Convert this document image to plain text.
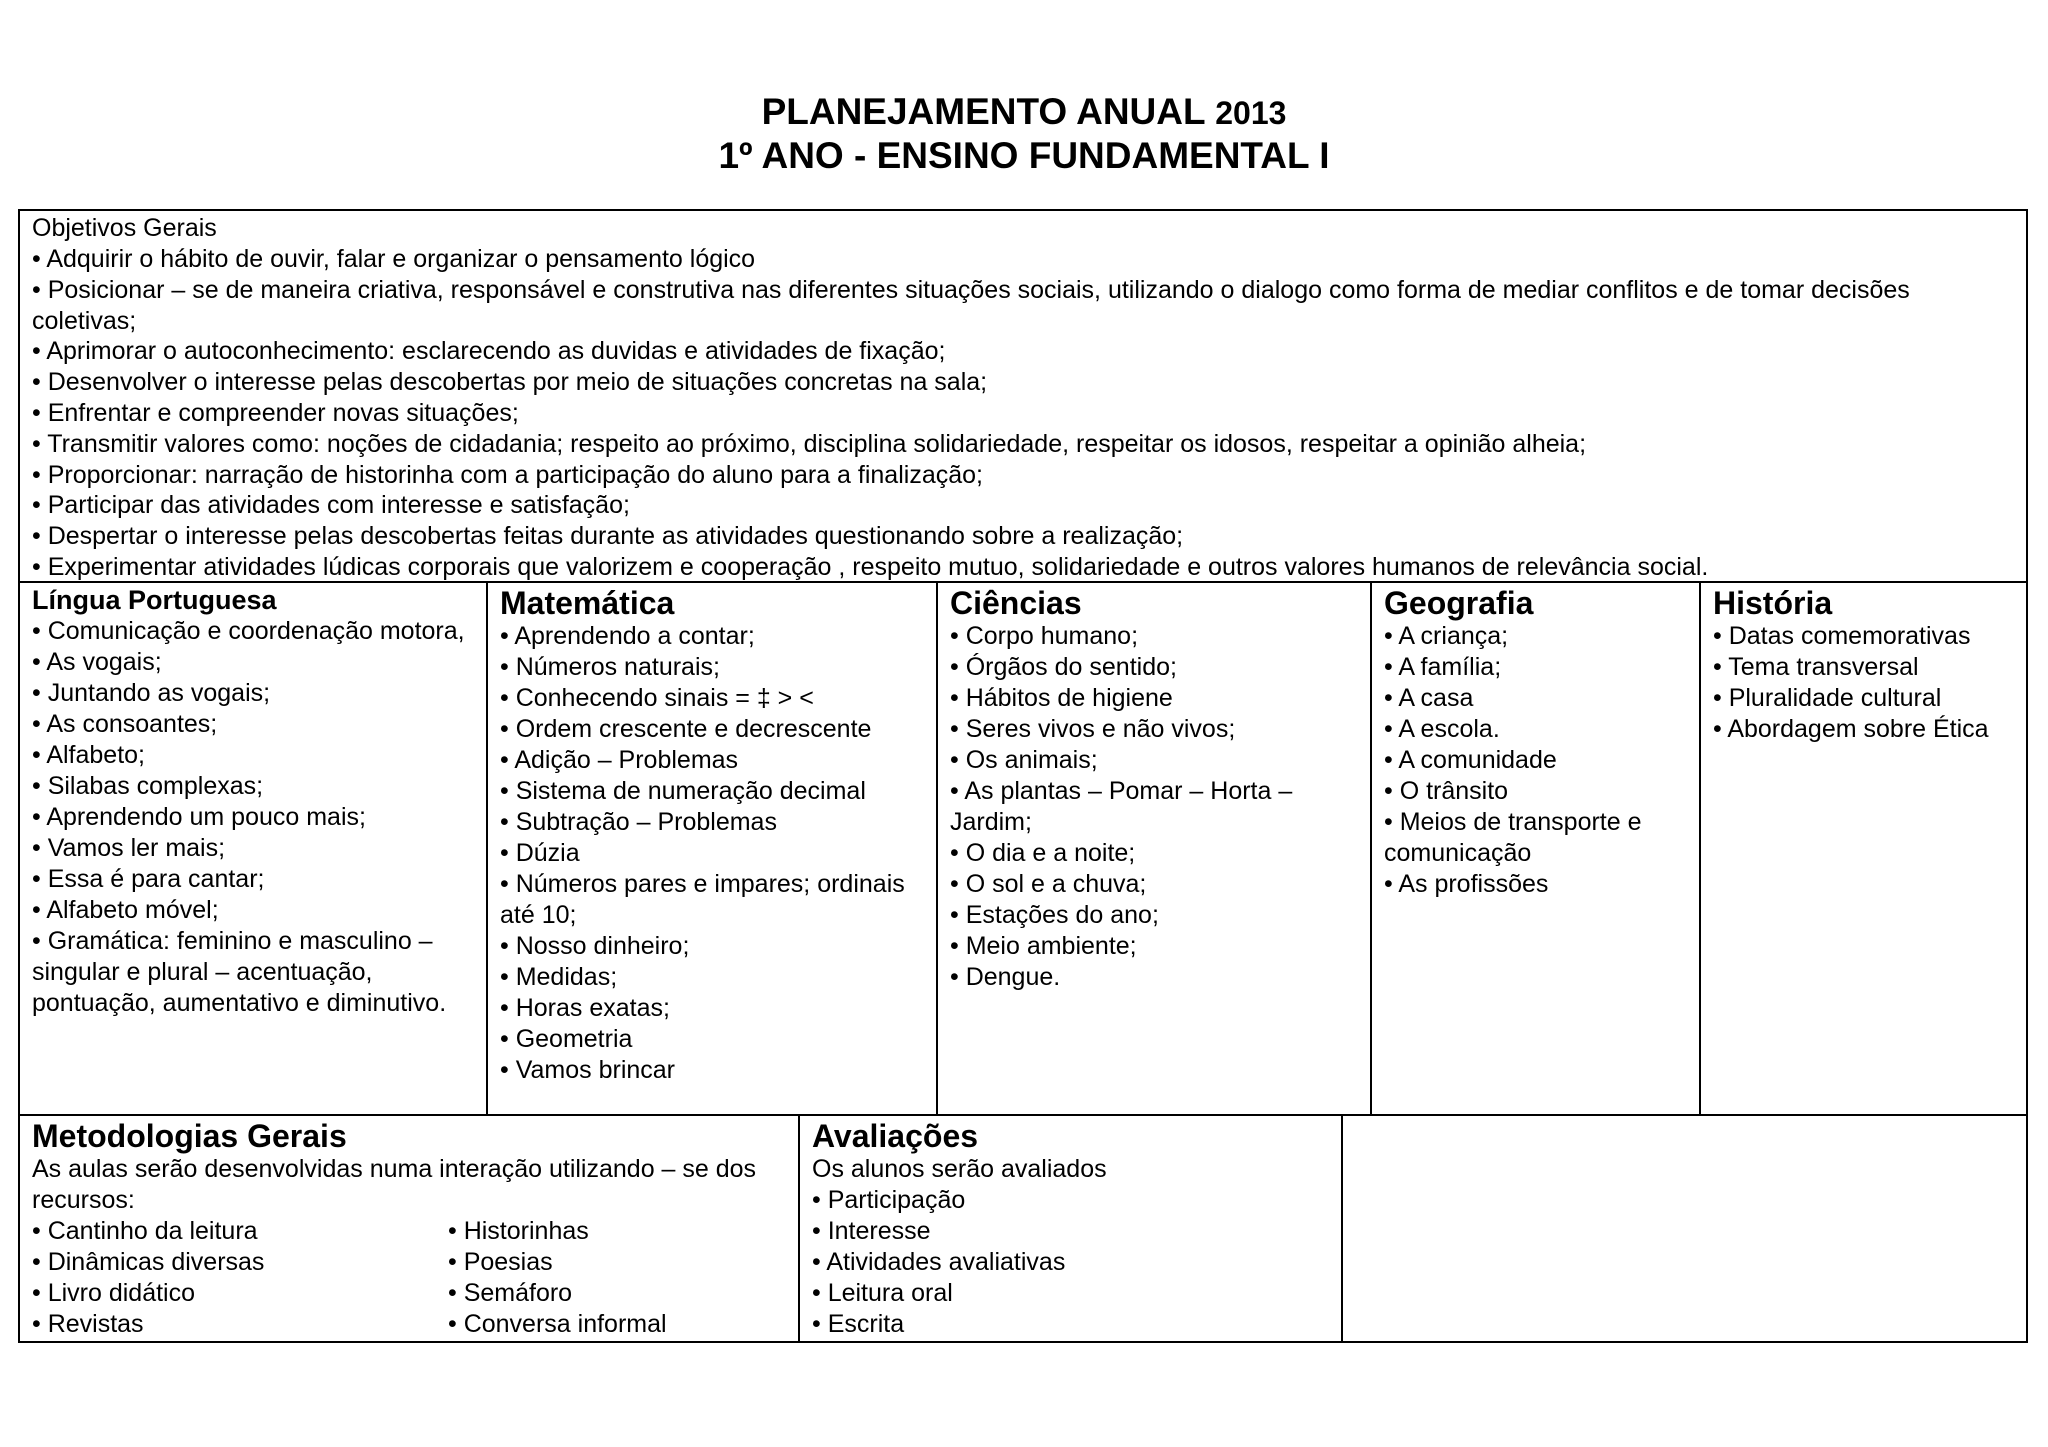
PLANEJAMENTO ANUAL 2013
1º ANO - ENSINO FUNDAMENTAL I
Objetivos Gerais
• Adquirir o hábito de ouvir, falar e organizar o pensamento lógico
• Posicionar – se de maneira criativa, responsável e construtiva nas diferentes situações sociais, utilizando o dialogo como forma de mediar conflitos e de tomar decisões coletivas;
• Aprimorar o autoconhecimento: esclarecendo as duvidas e atividades de fixação;
• Desenvolver o interesse pelas descobertas por meio de situações concretas na sala;
• Enfrentar e compreender novas situações;
• Transmitir valores como: noções de cidadania; respeito ao próximo, disciplina solidariedade, respeitar os idosos, respeitar a opinião alheia;
• Proporcionar: narração de historinha com a participação do aluno para a finalização;
• Participar das atividades com interesse e satisfação;
• Despertar o interesse pelas descobertas feitas durante as atividades questionando sobre a realização;
• Experimentar atividades lúdicas corporais que valorizem e cooperação , respeito mutuo, solidariedade e outros valores humanos de relevância social.
Língua Portuguesa
• Comunicação e coordenação motora,
• As vogais;
• Juntando as vogais;
• As consoantes;
• Alfabeto;
• Silabas complexas;
• Aprendendo um pouco mais;
• Vamos ler mais;
• Essa é para cantar;
• Alfabeto móvel;
• Gramática: feminino e masculino – singular e plural – acentuação, pontuação, aumentativo e diminutivo.
Matemática
• Aprendendo a contar;
• Números naturais;
• Conhecendo sinais = ‡ > <
• Ordem crescente e decrescente
• Adição – Problemas
• Sistema de numeração decimal
• Subtração – Problemas
• Dúzia
• Números pares e impares; ordinais até 10;
• Nosso dinheiro;
• Medidas;
• Horas exatas;
• Geometria
• Vamos brincar
Ciências
• Corpo humano;
• Órgãos do sentido;
• Hábitos de higiene
• Seres vivos e não vivos;
• Os animais;
• As plantas – Pomar – Horta – Jardim;
• O dia e a noite;
• O sol e a chuva;
• Estações do ano;
• Meio ambiente;
• Dengue.
Geografia
• A criança;
• A família;
• A casa
• A escola.
• A comunidade
• O trânsito
• Meios de transporte e comunicação
• As profissões
História
• Datas comemorativas
• Tema transversal
• Pluralidade cultural
• Abordagem sobre Ética
Metodologias Gerais
As aulas serão desenvolvidas numa interação utilizando – se dos recursos:
• Cantinho da leitura
• Dinâmicas diversas
• Livro didático
• Revistas
• Historinhas
• Poesias
• Semáforo
• Conversa informal
Avaliações
Os alunos serão avaliados
• Participação
• Interesse
• Atividades avaliativas
• Leitura oral
• Escrita
